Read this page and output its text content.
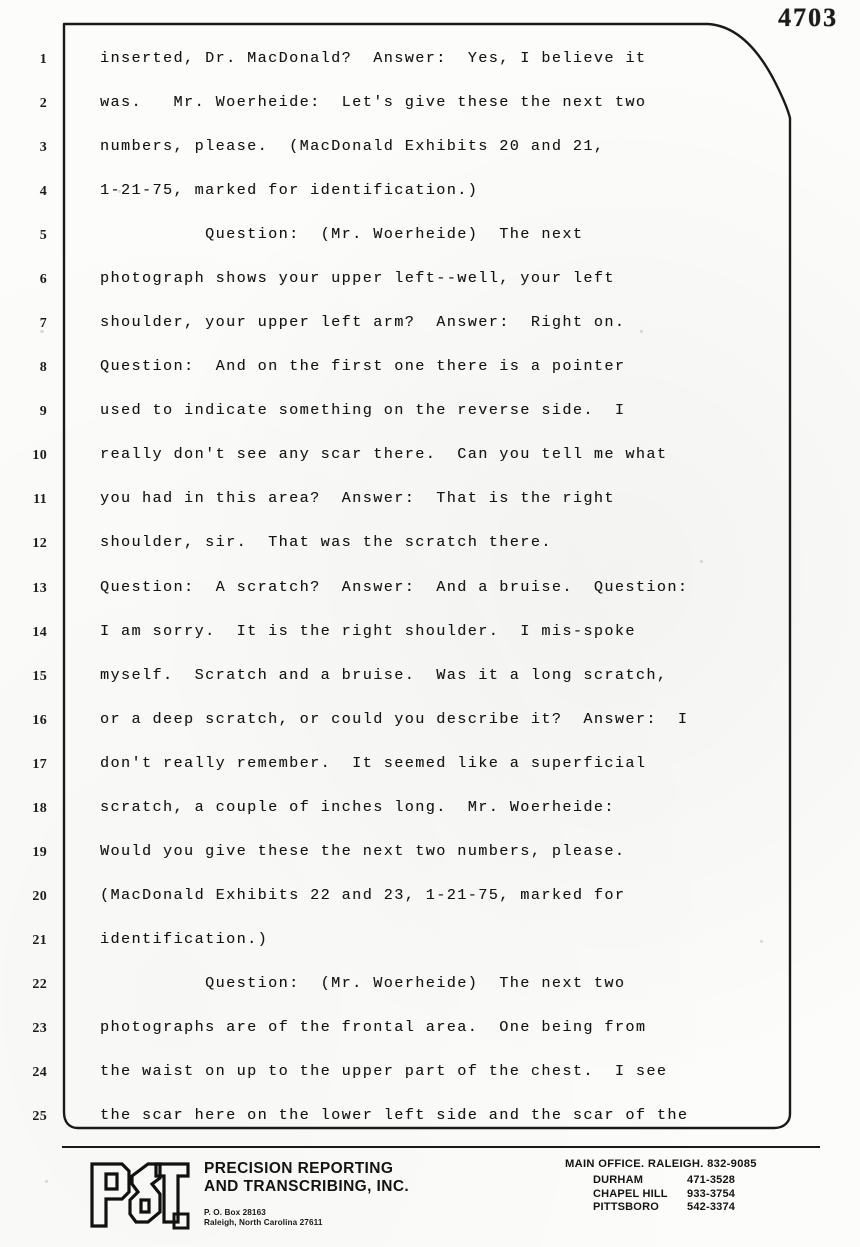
4703
1
2
3
4
5
6
7
8
9
10
11
12
13
14
15
16
17
18
19
20
21
22
23
24
25
inserted, Dr. MacDonald?  Answer:  Yes, I believe it
was.   Mr. Woerheide:  Let's give these the next two
numbers, please.  (MacDonald Exhibits 20 and 21,
1-21-75, marked for identification.)
Question:  (Mr. Woerheide)  The next
photograph shows your upper left--well, your left
shoulder, your upper left arm?  Answer:  Right on.
Question:  And on the first one there is a pointer
used to indicate something on the reverse side.  I
really don't see any scar there.  Can you tell me what
you had in this area?  Answer:  That is the right
shoulder, sir.  That was the scratch there.
Question:  A scratch?  Answer:  And a bruise.  Question:
I am sorry.  It is the right shoulder.  I mis-spoke
myself.  Scratch and a bruise.  Was it a long scratch,
or a deep scratch, or could you describe it?  Answer:  I
don't really remember.  It seemed like a superficial
scratch, a couple of inches long.  Mr. Woerheide:
Would you give these the next two numbers, please.
(MacDonald Exhibits 22 and 23, 1-21-75, marked for
identification.)
Question:  (Mr. Woerheide)  The next two
photographs are of the frontal area.  One being from
the waist on up to the upper part of the chest.  I see
the scar here on the lower left side and the scar of the
PRECISION REPORTING
AND TRANSCRIBING, INC.
P. O. Box 28163
Raleigh, North Carolina 27611
MAIN OFFICE. RALEIGH. 832-9085
DURHAM	471-3528
CHAPEL HILL	933-3754
PITTSBORO	542-3374
